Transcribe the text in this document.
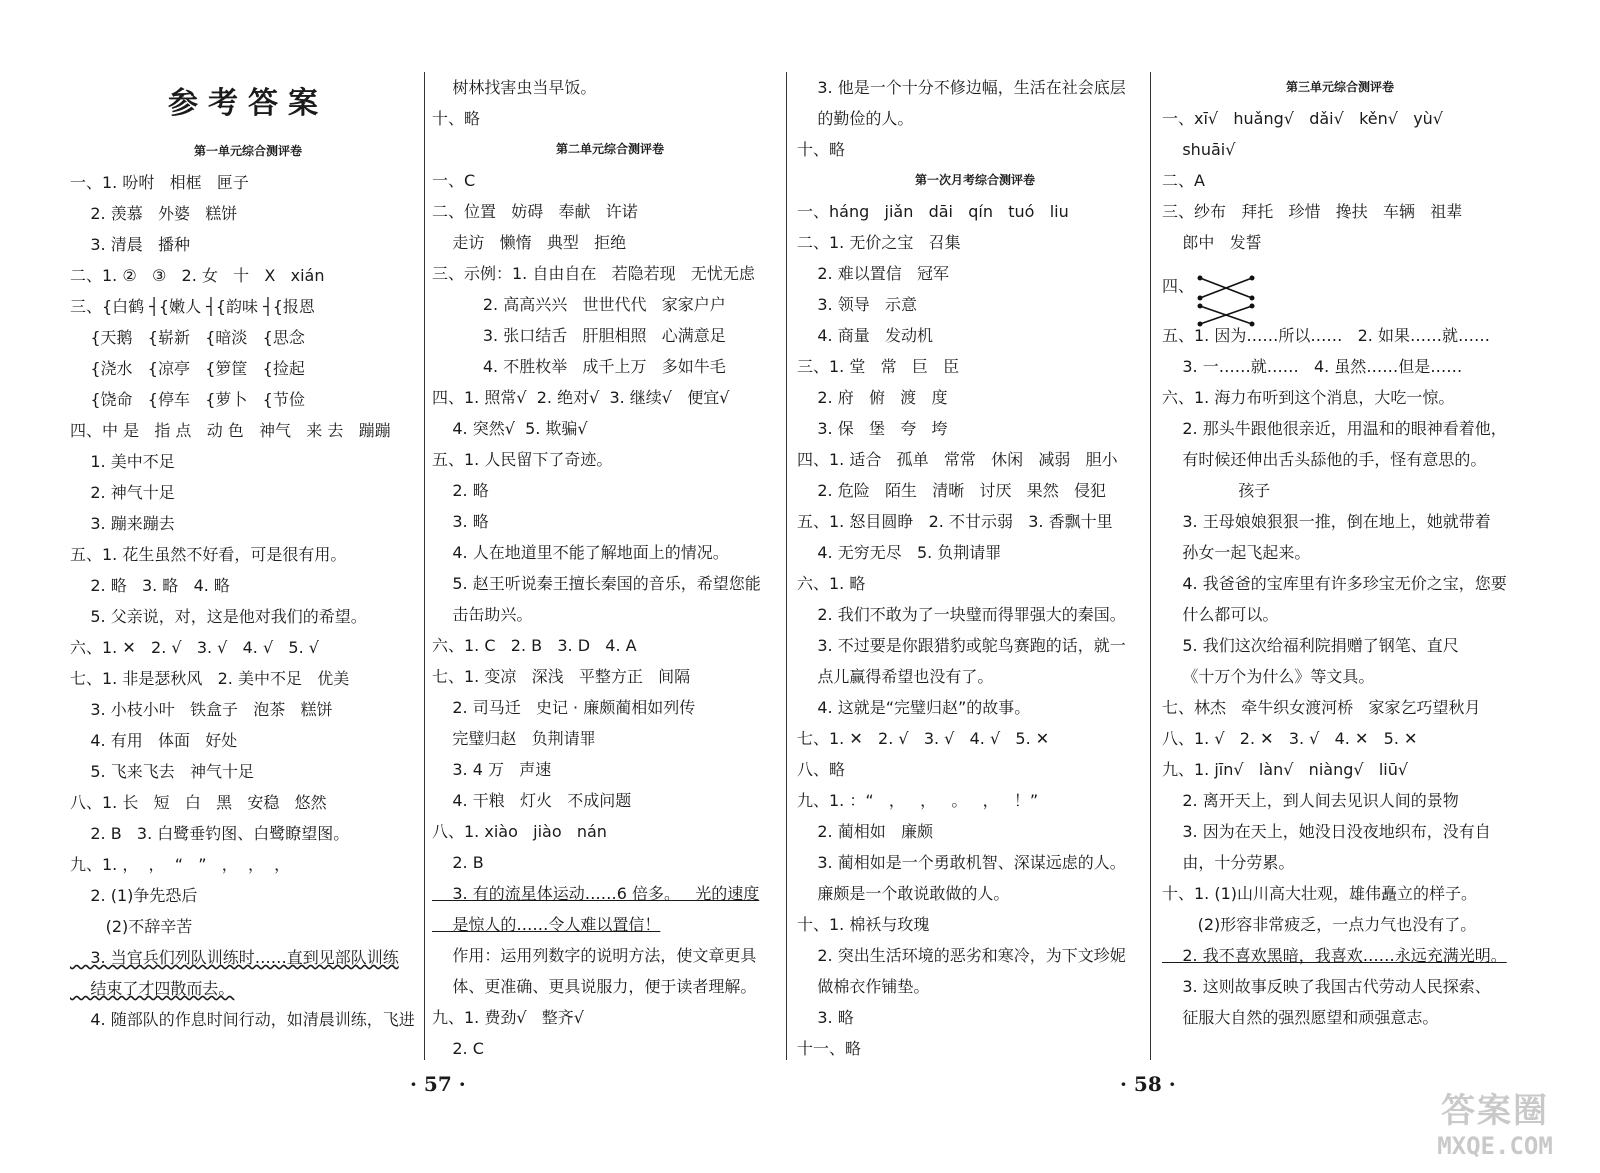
参考答案
第一单元综合测评卷
一、1. 吩咐   相框   匣子
2. 羡慕   外婆   糕饼
3. 清晨   播种
二、1. ②   ③   2. 女   十   X   xián
三、{白鹤 ┤{嫩人 ┤{韵味 ┤{报恩
{天鹅   {崭新   {暗淡   {思念
{浇水   {凉亭   {箩筐   {捡起
{饶命   {停车   {萝卜   {节俭
四、中 是   指 点   动 色   神气   来 去   蹦蹦
1. 美中不足
2. 神气十足
3. 蹦来蹦去
五、1. 花生虽然不好看，可是很有用。
2. 略   3. 略   4. 略
5. 父亲说，对，这是他对我们的希望。
六、1. ✕   2. √   3. √   4. √   5. √
七、1. 非是瑟秋风   2. 美中不足   优美
3. 小枝小叶   铁盒子   泡茶   糕饼
4. 有用   体面   好处
5. 飞来飞去   神气十足
八、1. 长   短   白   黑   安稳   悠然
2. B   3. 白鹭垂钓图、白鹭瞭望图。
九、1. ，  ，  “   ”   ，  ，  ，
2. (1)争先恐后
(2)不辞辛苦
3. 当官兵们列队训练时……直到见部队训练
结束了才四散而去。
4. 随部队的作息时间行动，如清晨训练，飞进
树林找害虫当早饭。
十、略
第二单元综合测评卷
一、C
二、位置   妨碍   奉献   许诺
走访   懒惰   典型   拒绝
三、示例：1. 自由自在   若隐若现   无忧无虑
2. 高高兴兴   世世代代   家家户户
3. 张口结舌   肝胆相照   心满意足
4. 不胜枚举   成千上万   多如牛毛
四、1. 照常√  2. 绝对√  3. 继续√   便宜√
4. 突然√  5. 欺骗√
五、1. 人民留下了奇迹。
2. 略
3. 略
4. 人在地道里不能了解地面上的情况。
5. 赵王听说秦王擅长秦国的音乐，希望您能
击缶助兴。
六、1. C   2. B   3. D   4. A
七、1. 变凉   深浅   平整方正   间隔
2. 司马迁   史记 · 廉颇蔺相如列传
完璧归赵   负荆请罪
3. 4 万   声速
4. 干粮   灯火   不成问题
八、1. xiào   jiào   nán
2. B
3. 有的流星体运动……6 倍多。   光的速度
是惊人的……令人难以置信！
作用：运用列数字的说明方法，使文章更具
体、更准确、更具说服力，便于读者理解。
九、1. 费劲√   整齐√
2. C
3. 他是一个十分不修边幅，生活在社会底层
的勤俭的人。
十、略
第一次月考综合测评卷
一、háng   jiǎn   dāi   qín   tuó   liu
二、1. 无价之宝   召集
2. 难以置信   冠军
3. 领导   示意
4. 商量   发动机
三、1. 堂   常   巨   臣
2. 府   俯   渡   度
3. 保   堡   夸   垮
四、1. 适合   孤单   常常   休闲   减弱   胆小
2. 危险   陌生   清晰   讨厌   果然   侵犯
五、1. 怒目圆睁   2. 不甘示弱   3. 香飘十里
4. 无穷无尽   5. 负荆请罪
六、1. 略
2. 我们不敢为了一块璧而得罪强大的秦国。
3. 不过要是你跟猎豹或鸵鸟赛跑的话，就一
点儿赢得希望也没有了。
4. 这就是“完璧归赵”的故事。
七、1. ✕   2. √   3. √   4. √   5. ✕
八、略
九、1. ：“   ，   ，   。   ，   ！”
2. 蔺相如   廉颇
3. 蔺相如是一个勇敢机智、深谋远虑的人。
廉颇是一个敢说敢做的人。
十、1. 棉袄与玫瑰
2. 突出生活环境的恶劣和寒冷，为下文珍妮
做棉衣作铺垫。
3. 略
十一、略
第三单元综合测评卷
一、xī√   huǎng√   dǎi√   kěn√   yù√
shuāi√
二、A
三、纱布   拜托   珍惜   搀扶   车辆   祖辈
郎中   发誓
四、

五、1. 因为……所以……   2. 如果……就……
3. 一……就……   4. 虽然……但是……
六、1. 海力布听到这个消息，大吃一惊。
2. 那头牛跟他很亲近，用温和的眼神看着他，
有时候还伸出舌头舔他的手，怪有意思的。
孩子
3. 王母娘娘狠狠一推，倒在地上，她就带着
孙女一起飞起来。
4. 我爸爸的宝库里有许多珍宝无价之宝，您要
什么都可以。
5. 我们这次给福利院捐赠了钢笔、直尺
《十万个为什么》等文具。
七、林杰   牵牛织女渡河桥   家家乞巧望秋月
八、1. √   2. ✕   3. √   4. ✕   5. ✕
九、1. jīn√   làn√   niàng√   liū√
2. 离开天上，到人间去见识人间的景物
3. 因为在天上，她没日没夜地织布，没有自
由，十分劳累。
十、1. (1)山川高大壮观，雄伟矗立的样子。
(2)形容非常疲乏，一点力气也没有了。
2. 我不喜欢黑暗，我喜欢……永远充满光明。
3. 这则故事反映了我国古代劳动人民探索、
征服大自然的强烈愿望和顽强意志。
· 57 ·	· 58 ·
答案圈
MXQE.COM
